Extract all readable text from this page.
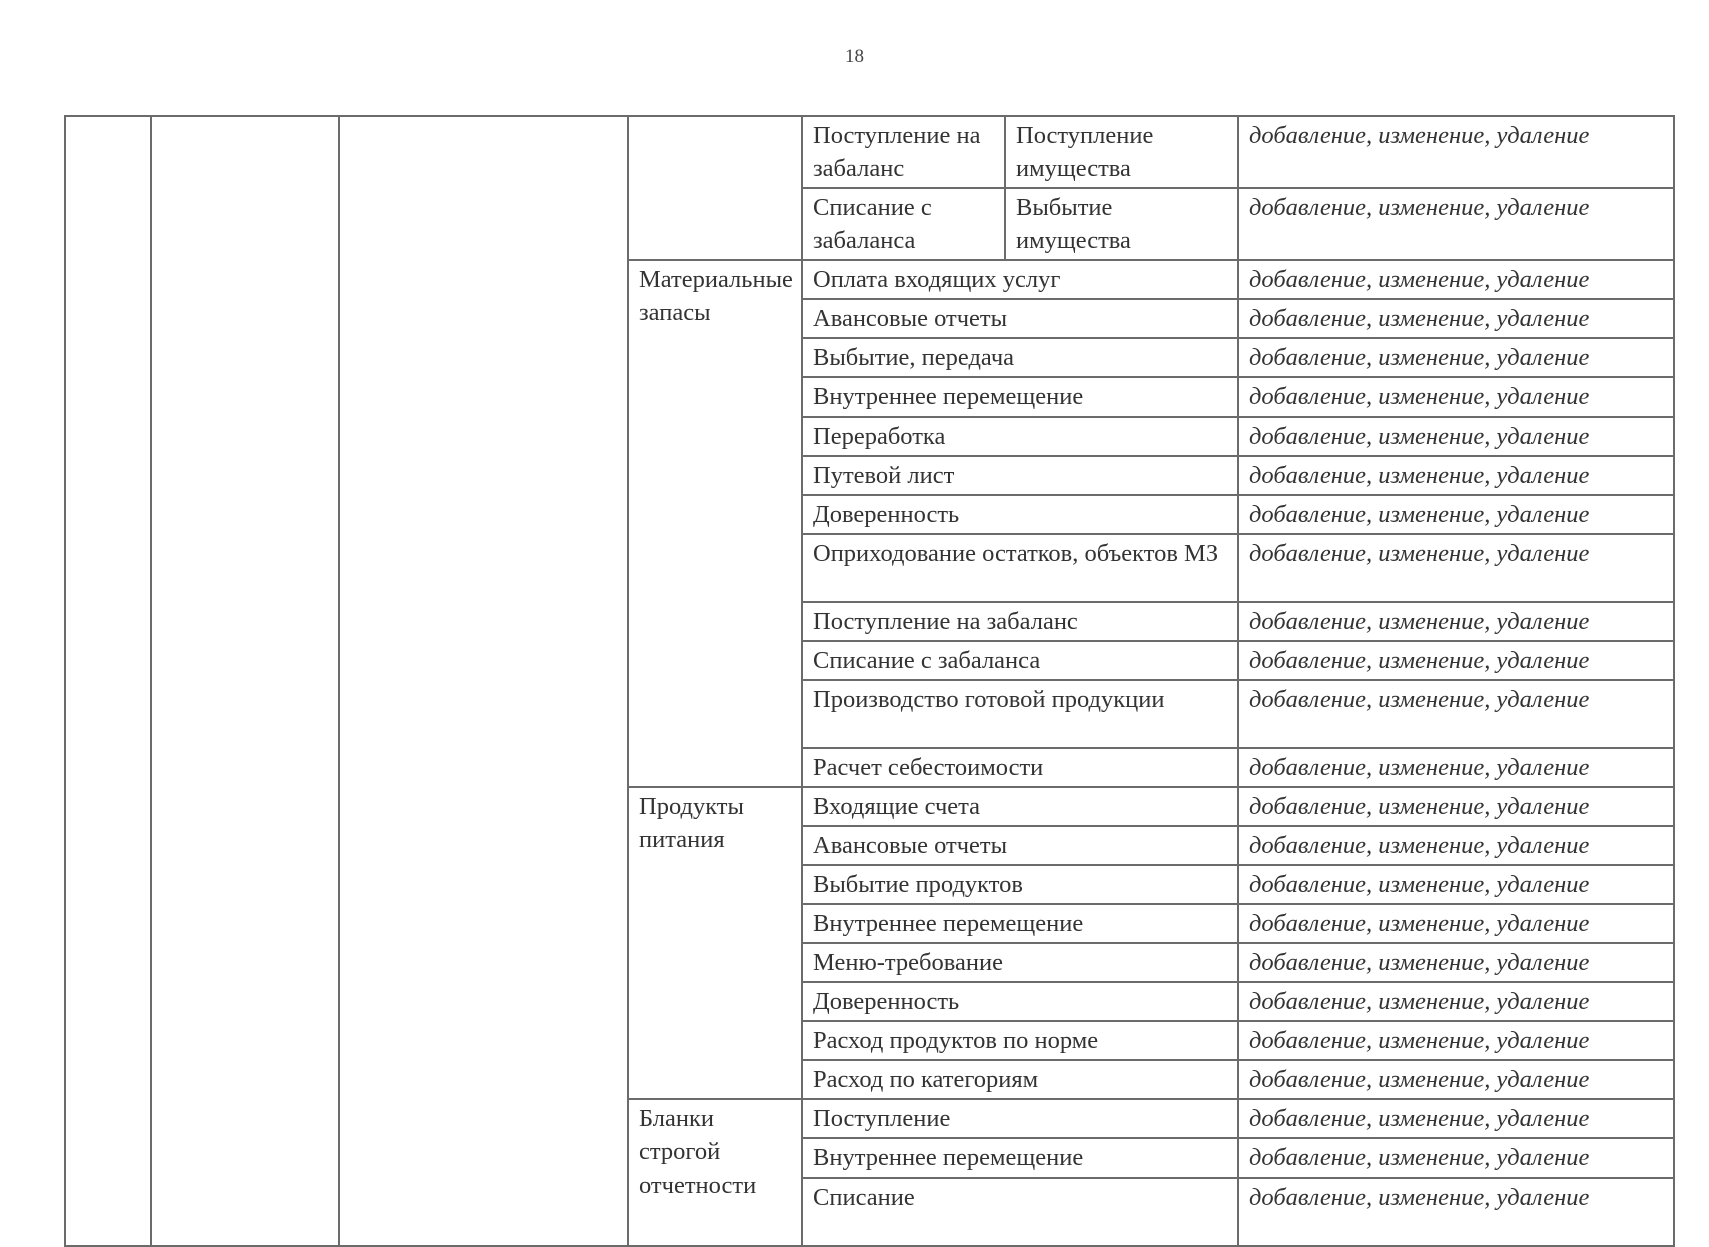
18
				Поступление на забаланс	Поступление имущества	добавление, изменение, удаление
				Списание с забаланса	Выбытие имущества	добавление, изменение, удаление
			Материальные запасы	Оплата входящих услуг		добавление, изменение, удаление
				Авансовые отчеты		добавление, изменение, удаление
				Выбытие, передача		добавление, изменение, удаление
				Внутреннее перемещение		добавление, изменение, удаление
				Переработка		добавление, изменение, удаление
				Путевой лист		добавление, изменение, удаление
				Доверенность		добавление, изменение, удаление
				Оприходование остатков, объектов МЗ		добавление, изменение, удаление
				Поступление на забаланс		добавление, изменение, удаление
				Списание с забаланса		добавление, изменение, удаление
				Производство готовой продукции		добавление, изменение, удаление
				Расчет себестоимости		добавление, изменение, удаление
			Продукты питания	Входящие счета		добавление, изменение, удаление
				Авансовые отчеты		добавление, изменение, удаление
				Выбытие продуктов		добавление, изменение, удаление
				Внутреннее перемещение		добавление, изменение, удаление
				Меню-требование		добавление, изменение, удаление
				Доверенность		добавление, изменение, удаление
				Расход продуктов по норме		добавление, изменение, удаление
				Расход по категориям		добавление, изменение, удаление
			Бланки строгой отчетности	Поступление		добавление, изменение, удаление
				Внутреннее перемещение		добавление, изменение, удаление
				Списание		добавление, изменение, удаление
